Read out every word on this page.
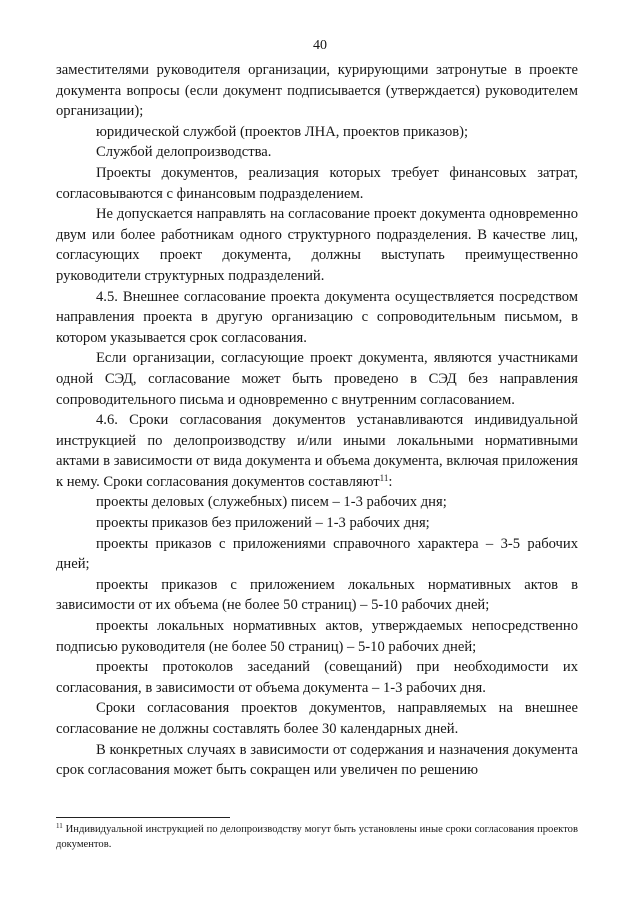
40

заместителями руководителя организации, курирующими затронутые в проекте документа вопросы (если документ подписывается (утверждается) руководителем организации);

юридической службой (проектов ЛНА, проектов приказов);

Службой делопроизводства.

Проекты документов, реализация которых требует финансовых затрат, согласовываются с финансовым подразделением.

Не допускается направлять на согласование проект документа одновременно двум или более работникам одного структурного подразделения. В качестве лиц, согласующих проект документа, должны выступать преимущественно руководители структурных подразделений.

4.5. Внешнее согласование проекта документа осуществляется посредством направления проекта в другую организацию с сопроводительным письмом, в котором указывается срок согласования.

Если организации, согласующие проект документа, являются участниками одной СЭД, согласование может быть проведено в СЭД без направления сопроводительного письма и одновременно с внутренним согласованием.

4.6. Сроки согласования документов устанавливаются индивидуальной инструкцией по делопроизводству и/или иными локальными нормативными актами в зависимости от вида документа и объема документа, включая приложения к нему. Сроки согласования документов составляют$^{11}$:

проекты деловых (служебных) писем – 1-3 рабочих дня;

проекты приказов без приложений – 1-3 рабочих дня;

проекты приказов с приложениями справочного характера – 3-5 рабочих дней;

проекты приказов с приложением локальных нормативных актов в зависимости от их объема (не более 50 страниц) – 5-10 рабочих дней;

проекты локальных нормативных актов, утверждаемых непосредственно подписью руководителя (не более 50 страниц) – 5-10 рабочих дней;

проекты протоколов заседаний (совещаний) при необходимости их согласования, в зависимости от объема документа – 1-3 рабочих дня.

Сроки согласования проектов документов, направляемых на внешнее согласование не должны составлять более 30 календарных дней.

В конкретных случаях в зависимости от содержания и назначения документа срок согласования может быть сокращен или увеличен по решению

$^{11}$ Индивидуальной инструкцией по делопроизводству могут быть установлены иные сроки согласования проектов документов.
